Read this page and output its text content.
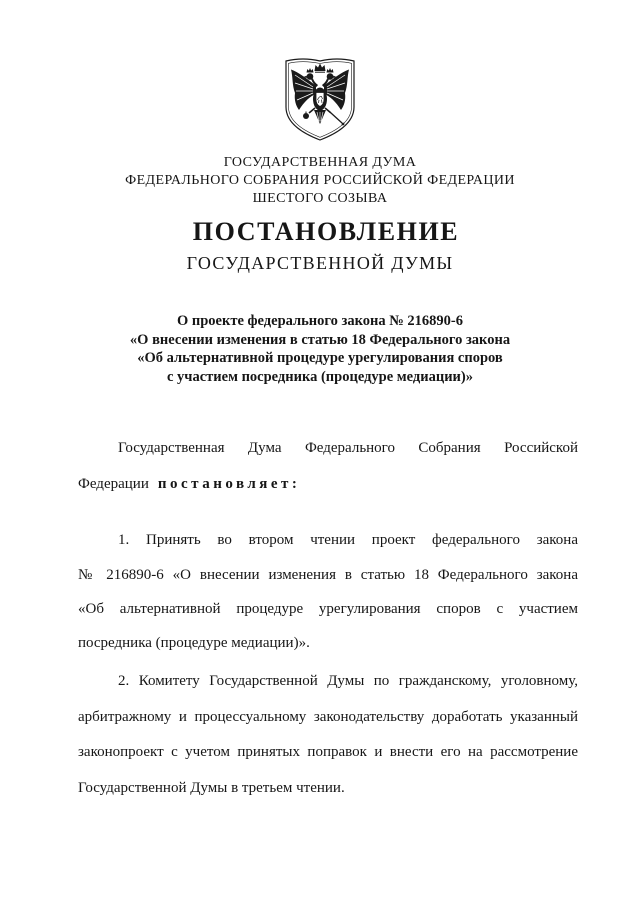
ГОСУДАРСТВЕННАЯ ДУМА
ФЕДЕРАЛЬНОГО СОБРАНИЯ РОССИЙСКОЙ ФЕДЕРАЦИИ
ШЕСТОГО СОЗЫВА
ПОСТАНОВЛЕНИЕ
ГОСУДАРСТВЕННОЙ ДУМЫ
О проекте федерального закона № 216890-6
«О внесении изменения в статью 18 Федерального закона
«Об альтернативной процедуре урегулирования споров
с участием посредника (процедуре медиации)»
Государственная Дума Федерального Собрания Российской
Федерации постановляет:
1. Принять во втором чтении проект федерального закона
№ 216890-6 «О внесении изменения в статью 18 Федерального закона
«Об альтернативной процедуре урегулирования споров с участием
посредника (процедуре медиации)».
2. Комитету Государственной Думы по гражданскому, уголовному,
арбитражному и процессуальному законодательству доработать указанный
законопроект с учетом принятых поправок и внести его на рассмотрение
Государственной Думы в третьем чтении.
